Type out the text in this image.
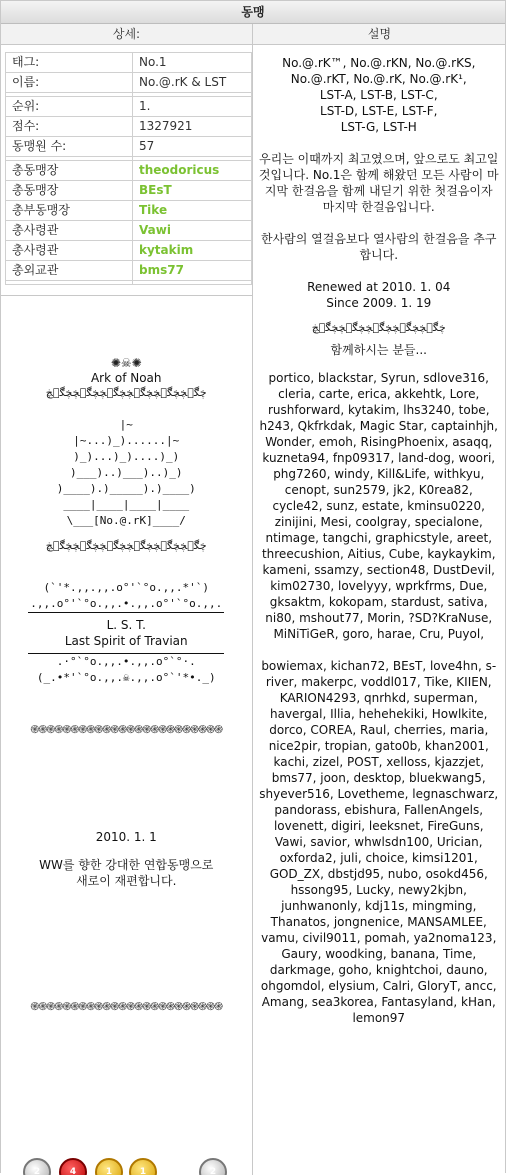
동맹
상세:	설명
태그:	No.1
이름:	No.@.rK & LST

순위:	1.
점수:	1327921
동맹원 수:	57

총동맹장	theodoricus
총동맹장	BEsT
총부동맹장	Tike
총사령관	Vawi
총사령관	kytakim
총외교관	bms77

✺☠✺
Ark of Noah
ڿڰۣڿڿڰۣڿڿڰۣڿڿڰۣڿڿڰۣڿڿڰۣڿ
|~
|~...)_)......|~
)_)...)_)....)_)
)___)..)___)..)_)
)____).)_____).)____)
____|____|____|____
\___[No.@.rK]____/
ڿڰۣڿڿڰۣڿڿڰۣڿڿڰۣڿڿڰۣڿڿڰۣڿ
(`'*.,,.,,.o°'`°o.,,.*'`)
.,,.o°'`°o.,,.•.,,.o°'`°o.,,.
L. S. T.
Last Spirit of Travian
.·°`°o.,,.•.,,.o°`°·.
(_.•*'`°o.,,.☠.,,.o°`'*•._)
֎֍֎֍֎֍֎֍֎֍֎֍֎֍֎֍֎֍֎֍֎֍֎֍
2010. 1. 1
WW를 향한 강대한 연합동맹으로
새로이 재편합니다.
֎֍֎֍֎֍֎֍֎֍֎֍֎֍֎֍֎֍֎֍֎֍֎֍
2	4	1	1	2
No.@.rK™, No.@.rKN, No.@.rKS,
No.@.rKT, No.@.rK, No.@.rK¹,
LST-A, LST-B, LST-C,
LST-D, LST-E, LST-F,
LST-G, LST-H
우리는 이때까지 최고였으며, 앞으로도 최고일 것입니다. No.1은 함께 해왔던 모든 사람이 마지막 한걸음을 함께 내딛기 위한 첫걸음이자 마지막 한걸음입니다.
한사람의 열걸음보다 열사람의 한걸음을 추구합니다.
Renewed at 2010. 1. 04
Since 2009. 1. 19
ڿڰۣڿڿڰۣڿڿڰۣڿڿڰۣڿڿڰۣڿ
함께하시는 분들...
portico, blackstar, Syrun, sdlove316, cleria, carte, erica, akkehtk, Lore, rushforward, kytakim, lhs3240, tobe, h243, Qkfrkdak, Magic Star, captainhjh, Wonder, emoh, RisingPhoenix, asaqq, kuzneta94, fnp09317, land-dog, woori, phg7260, windy, Kill&Life, withkyu, cenopt, sun2579, jk2, K0rea82, cycle42, sunz, estate, kminsu0220, zinijini, Mesi, coolgray, specialone, ntimage, tangchi, graphicstyle, areet, threecushion, Aitius, Cube, kaykaykim, kameni, ssamzy, section48, DustDevil, kim02730, lovelyyy, wprkfrms, Due, gksaktm, kokopam, stardust, sativa, ni80, mshout77, Morin, ?SD?KraNuse, MiNiTiGeR, goro, harae, Cru, Puyol,
bowiemax, kichan72, BEsT, love4hn, s-river, makerpc, voddl017, Tike, KIIEN, KARION4293, qnrhkd, superman, havergal, Illia, hehehekiki, Howlkite, dorco, COREA, Raul, cherries, maria, nice2pir, tropian, gato0b, khan2001, kachi, zizel, POST, xelloss, kjazzjet, bms77, joon, desktop, bluekwang5, shyever516, Lovetheme, legnaschwarz, pandorass, ebishura, FallenAngels, lovenett, digiri, leeksnet, FireGuns, Vawi, savior, whwlsdn100, Urician, oxforda2, juli, choice, kimsi1201, GOD_ZX, dbstjd95, nubo, osokd456, hssong95, Lucky, newy2kjbn, junhwanonly, kdj11s, mingming, Thanatos, jongnenice, MANSAMLEE, vamu, civil9011, pomah, ya2noma123, Gaury, woodking, banana, Time, darkmage, goho, knightchoi, dauno, ohgomdol, elysium, Calri, GloryT, ancc, Amang, sea3korea, Fantasyland, kHan, lemon97
